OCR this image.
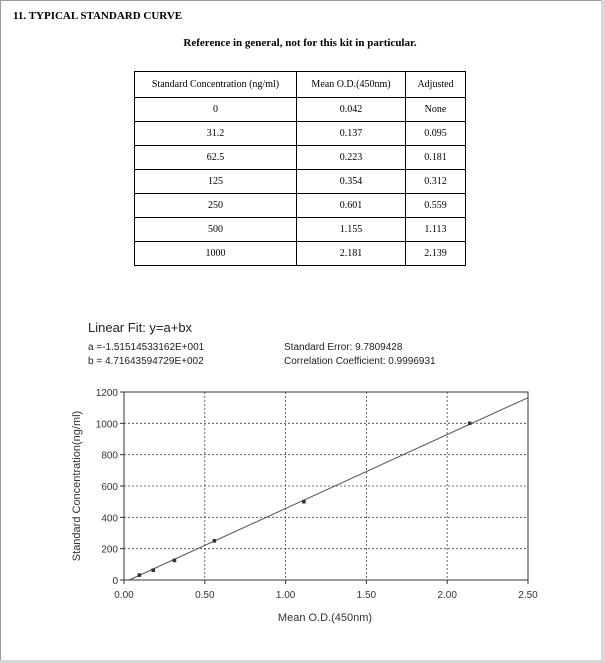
11. TYPICAL STANDARD CURVE
Reference in general, not for this kit in particular.
Standard Concentration (ng/ml)	Mean O.D.(450nm)	Adjusted
0	0.042	None
31.2	0.137	0.095
62.5	0.223	0.181
125	0.354	0.312
250	0.601	0.559
500	1.155	1.113
1000	2.181	2.139
Linear Fit: y=a+bx
a =-1.51514533162E+001
b = 4.71643594729E+002
Standard Error: 9.7809428
Correlation Coefficient: 0.9996931
0.00	0.50	1.00	1.50	2.00	2.50
0
200
400
600
800
1000
1200
Mean O.D.(450nm)
Standard Concentration(ng/ml)
